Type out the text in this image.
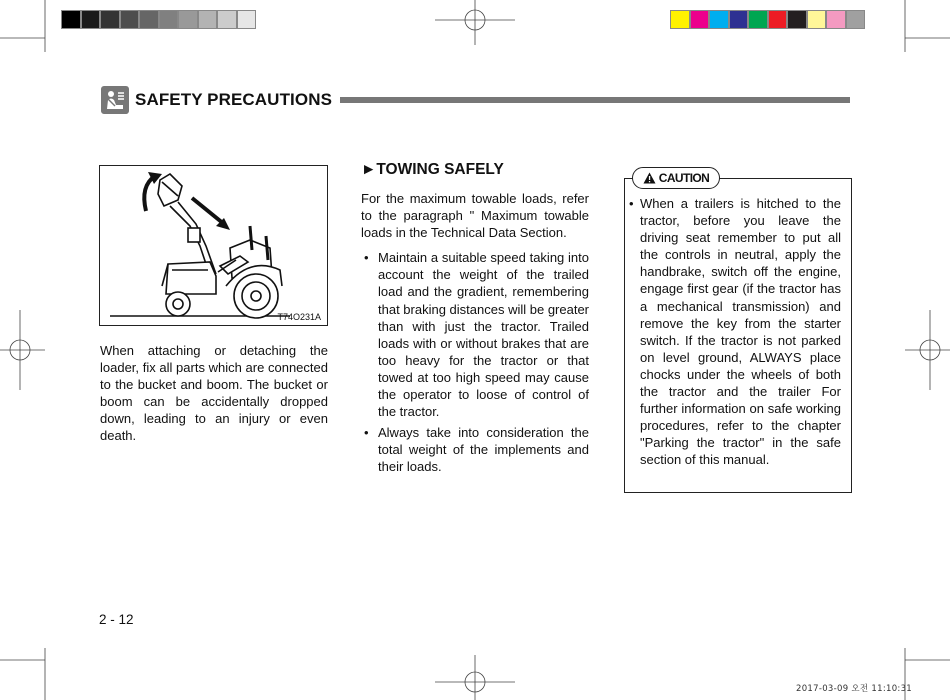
SAFETY PRECAUTIONS
T74O231A

When attaching or detaching the loader, fix all parts which are connected to the bucket and boom. The bucket or boom can be accidentally dropped down, leading to an injury or even death.

►TOWING SAFELY

For the maximum towable loads, refer to the paragraph " Maximum towable loads in the Technical Data Section.

• Maintain a suitable speed taking into account the weight of the trailed load and the gradient, remembering that braking distances will be greater than with just the tractor. Trailed loads with or without brakes that are too heavy for the tractor or that towed at too high speed may cause the operator to loose of control of the tractor.
• Always take into consideration the total weight of the implements and their loads.
CAUTION
• When a trailers is hitched to the tractor, before you leave the driving seat remember to put all the controls in neutral, apply the handbrake, switch off the engine, engage first gear (if the tractor has a mechanical transmission) and remove the key from the starter switch. If the tractor is not parked on level ground, ALWAYS place chocks under the wheels of both the tractor and the trailer For further information on safe working procedures, refer to the chapter "Parking the tractor" in the safe section of this manual.
2 - 12
2017-03-09 오전 11:10:31
